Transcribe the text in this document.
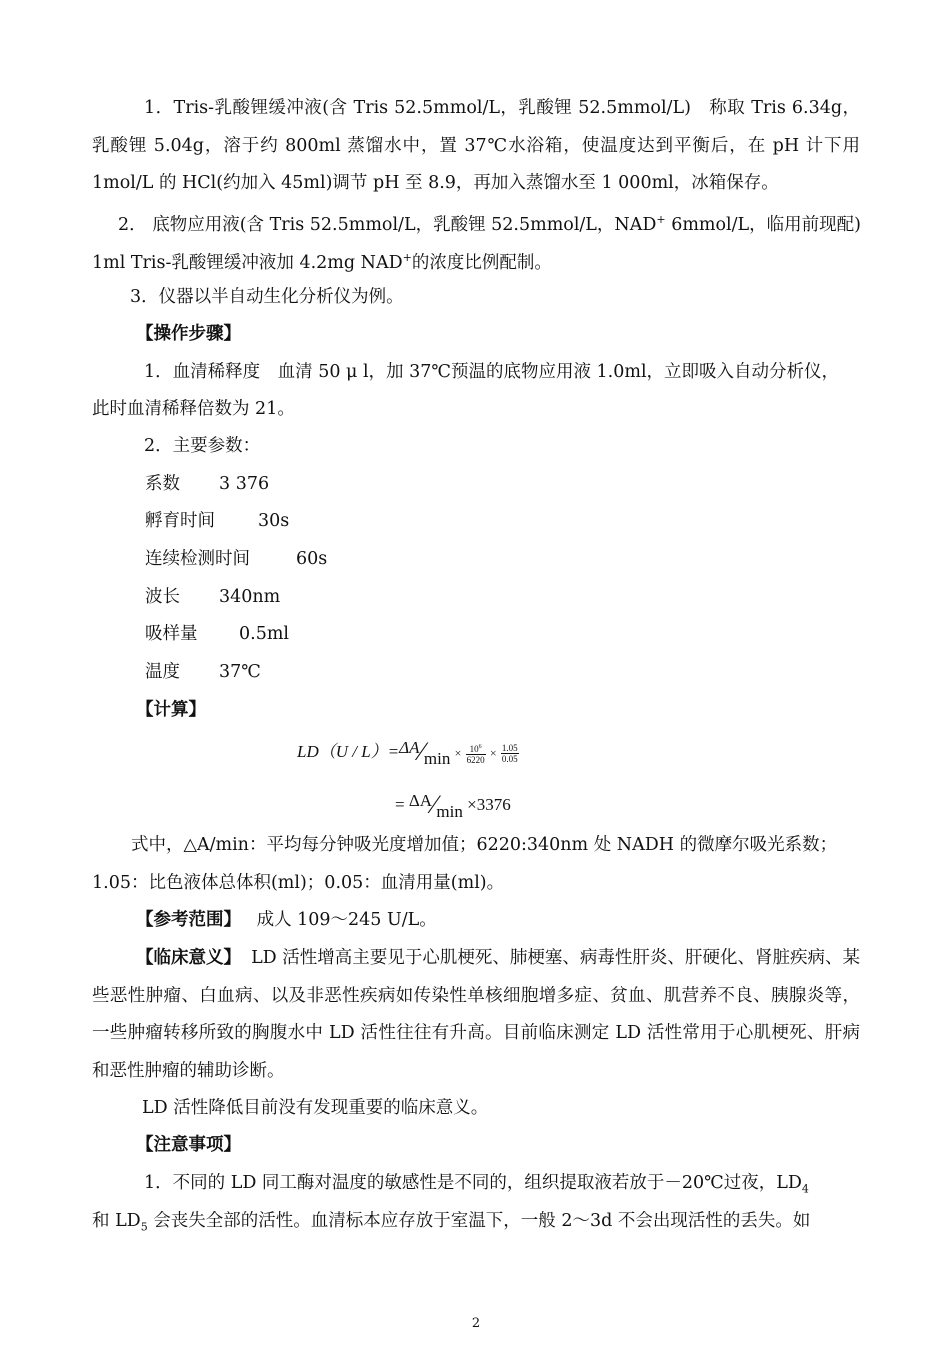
1．Tris-乳酸锂缓冲液(含 Tris 52.5mmol/L，乳酸锂 52.5mmol/L)　称取 Tris 6.34g，乳酸锂 5.04g，溶于约 800ml 蒸馏水中，置 37℃水浴箱，使温度达到平衡后，在 pH 计下用 1mol/L 的 HCl(约加入 45ml)调节 pH 至 8.9，再加入蒸馏水至 1 000ml，冰箱保存。
2． 底物应用液(含 Tris 52.5mmol/L，乳酸锂 52.5mmol/L，NAD+ 6mmol/L，临用前现配)
1ml Tris-乳酸锂缓冲液加 4.2mg NAD+的浓度比例配制。
3．仪器以半自动生化分析仪为例。
【操作步骤】
1．血清稀释度　血清 50 μ l，加 37℃预温的底物应用液 1.0ml，立即吸入自动分析仪，
此时血清稀释倍数为 21。
2．主要参数：
系数 3 376
孵育时间 30s
连续检测时间	60s
波长 340nm
吸样量 0.5ml
温度 37℃
【计算】
LD（U / L）=ΔA⁄min × $\frac{10^6}{6220} \times \frac{1.05}{0.05}$
= ΔA⁄min ×3376
式中，△A/min：平均每分钟吸光度增加值；6220:340nm 处 NADH 的微摩尔吸光系数；
1.05：比色液体总体积(ml)；0.05：血清用量(ml)。
【参考范围】 成人 109～245 U/L。
【临床意义】 LD 活性增高主要见于心肌梗死、肺梗塞、病毒性肝炎、肝硬化、肾脏疾病、某些恶性肿瘤、白血病、以及非恶性疾病如传染性单核细胞增多症、贫血、肌营养不良、胰腺炎等，一些肿瘤转移所致的胸腹水中 LD 活性往往有升高。目前临床测定 LD 活性常用于心肌梗死、肝病和恶性肿瘤的辅助诊断。
LD 活性降低目前没有发现重要的临床意义。
【注意事项】
1．不同的 LD 同工酶对温度的敏感性是不同的，组织提取液若放于－20℃过夜，$LD_4$
和 $LD_5$ 会丧失全部的活性。血清标本应存放于室温下，一般 2～3d 不会出现活性的丢失。如
2
